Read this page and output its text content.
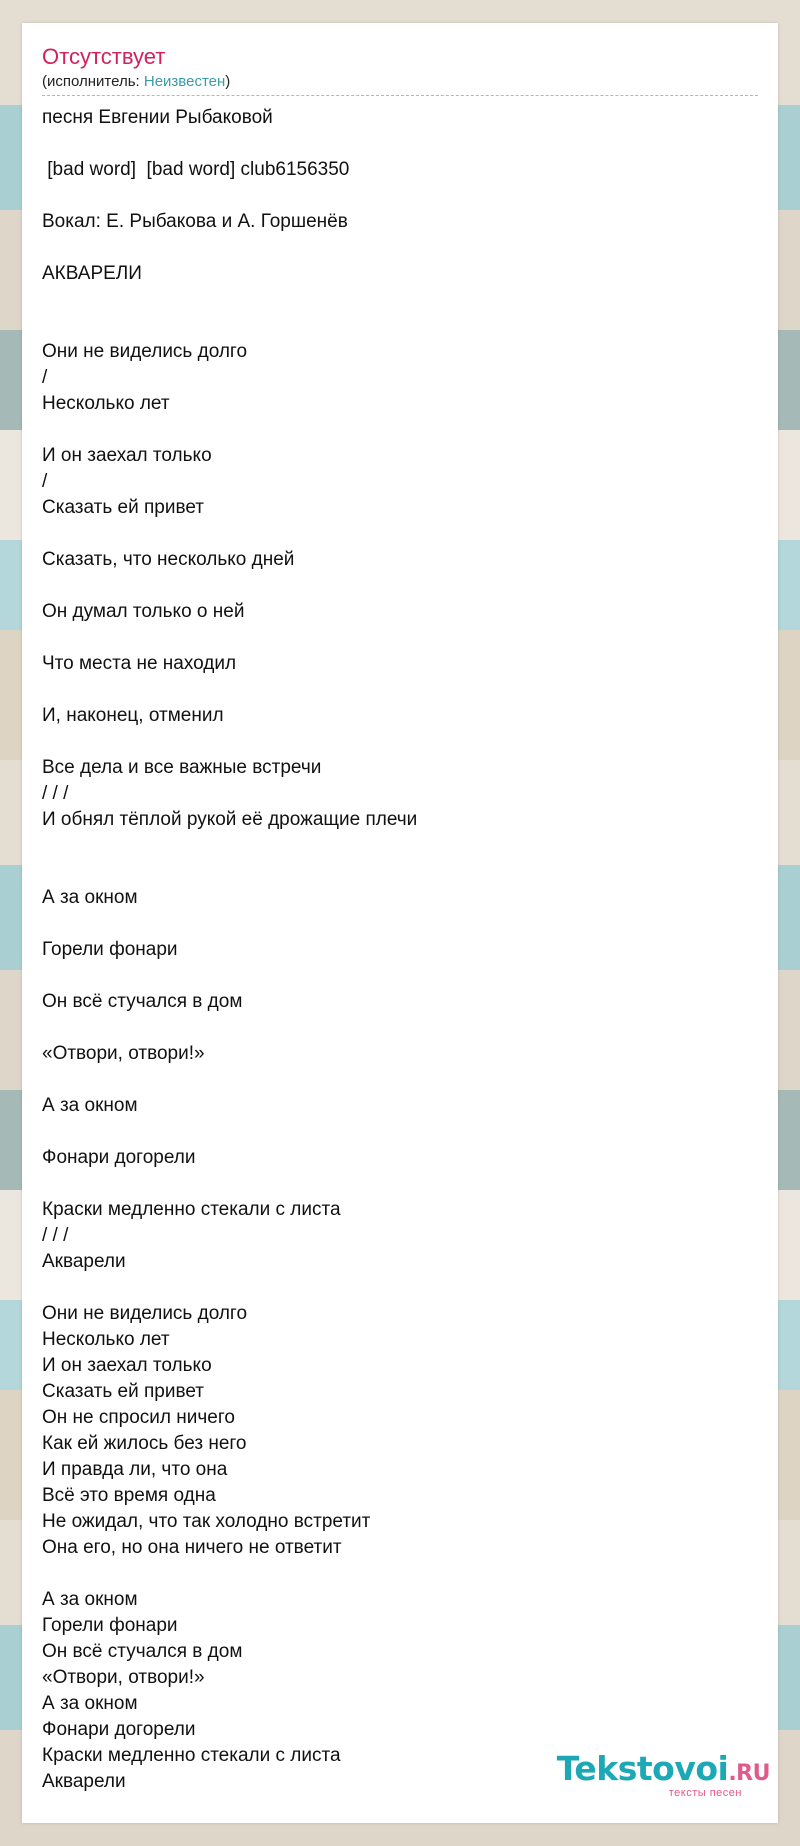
Отсутствует
(исполнитель: Неизвестен)
песня Евгении Рыбаковой
[bad word]  [bad word] club6156350
Вокал: Е. Рыбакова и А. Горшенёв
АКВАРЕЛИ
Они не виделись долго
/
Несколько лет
И он заехал только
/
Сказать ей привет
Сказать, что несколько дней
Он думал только о ней
Что места не находил
И, наконец, отменил
Все дела и все важные встречи
/ / /
И обнял тёплой рукой её дрожащие плечи
А за окном
Горели фонари
Он всё стучался в дом
«Отвори, отвори!»
А за окном
Фонари догорели
Краски медленно стекали с листа
/ / /
Акварели
Они не виделись долго
Несколько лет
И он заехал только
Сказать ей привет
Он не спросил ничего
Как ей жилось без него
И правда ли, что она
Всё это время одна
Не ожидал, что так холодно встретит
Она его, но она ничего не ответит
А за окном
Горели фонари
Он всё стучался в дом
«Отвори, отвори!»
А за окном
Фонари догорели
Краски медленно стекали с листа
Акварели	Tekstovoi.RU
тексты песен
